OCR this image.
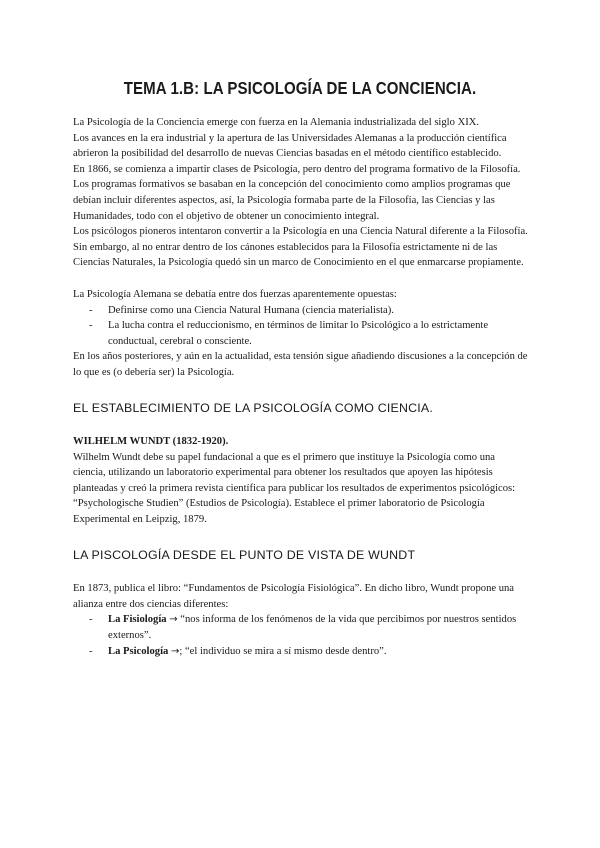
TEMA 1.B: LA PSICOLOGÍA DE LA CONCIENCIA.

La Psicología de la Conciencia emerge con fuerza en la Alemania industrializada del siglo XIX.

Los avances en la era industrial y la apertura de las Universidades Alemanas a la producción científica abrieron la posibilidad del desarrollo de nuevas Ciencias basadas en el método científico establecido.

En 1866, se comienza a impartir clases de Psicología, pero dentro del programa formativo de la Filosofía.

Los programas formativos se basaban en la concepción del conocimiento como amplios programas que debían incluir diferentes aspectos, así, la Psicología formaba parte de la Filosofía, las Ciencias y las Humanidades, todo con el objetivo de obtener un conocimiento integral.

Los psicólogos pioneros intentaron convertir a la Psicología en una Ciencia Natural diferente a la Filosofía.

Sin embargo, al no entrar dentro de los cánones establecidos para la Filosofía estrictamente ni de las Ciencias Naturales, la Psicología quedó sin un marco de Conocimiento en el que enmarcarse propiamente.

La Psicología Alemana se debatía entre dos fuerzas aparentemente opuestas:

- Definirse como una Ciencia Natural Humana (ciencia materialista).
- La lucha contra el reduccionismo, en términos de limitar lo Psicológico a lo estrictamente conductual, cerebral o consciente.

En los años posteriores, y aún en la actualidad, esta tensión sigue añadiendo discusiones a la concepción de lo que es (o debería ser) la Psicología.

EL ESTABLECIMIENTO DE LA PSICOLOGÍA COMO CIENCIA.

WILHELM WUNDT (1832-1920).

Wilhelm Wundt debe su papel fundacional a que es el primero que instituye la Psicología como una ciencia, utilizando un laboratorio experimental para obtener los resultados que apoyen las hipótesis planteadas y creó la primera revista científica para publicar los resultados de experimentos psicológicos: “Psychologische Studien” (Estudios de Psicología). Establece el primer laboratorio de Psicología Experimental en Leipzig, 1879.

LA PISCOLOGÍA DESDE EL PUNTO DE VISTA DE WUNDT

En 1873, publica el libro: “Fundamentos de Psicología Fisiológica”. En dicho libro, Wundt propone una alianza entre dos ciencias diferentes:

- La Fisiología → “nos informa de los fenómenos de la vida que percibimos por nuestros sentidos externos”.
- La Psicología →; “el individuo se mira a sí mismo desde dentro”.
